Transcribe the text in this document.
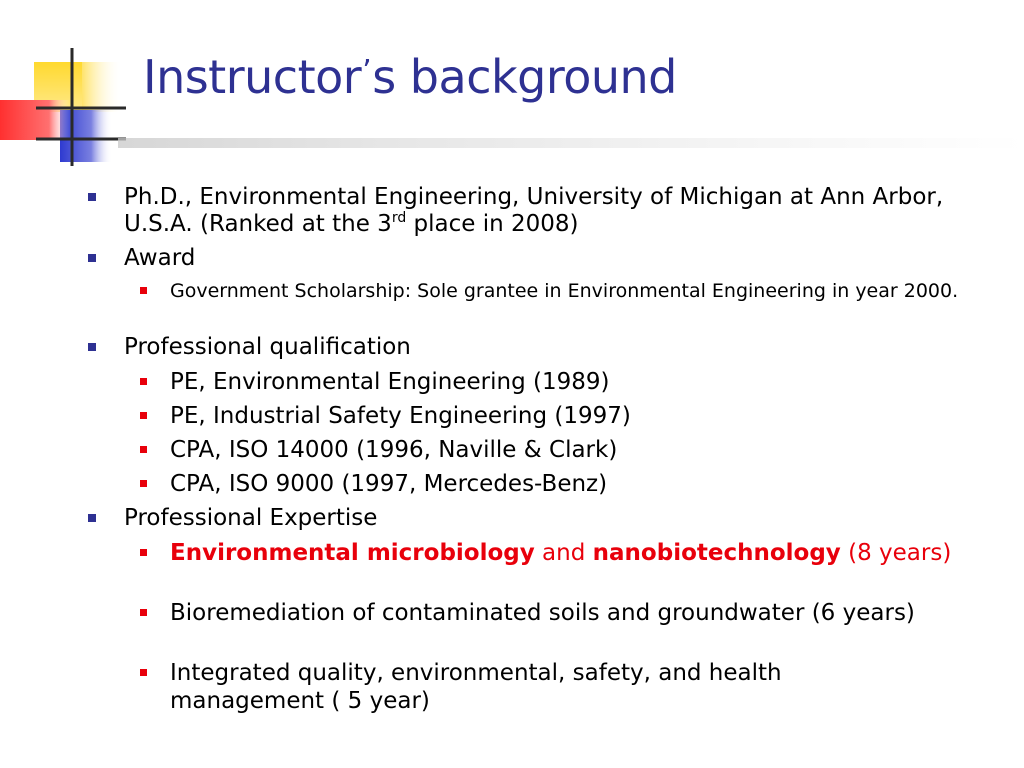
Instructor’s background
Ph.D., Environmental Engineering, University of Michigan at Ann Arbor, U.S.A. (Ranked at the 3rd place in 2008)
Award
Government Scholarship: Sole grantee in Environmental Engineering in year 2000.
Professional qualification
PE, Environmental Engineering (1989)
PE, Industrial Safety Engineering (1997)
CPA, ISO 14000 (1996, Naville & Clark)
CPA, ISO 9000 (1997, Mercedes-Benz)
Professional Expertise
Environmental microbiology and nanobiotechnology (8 years)
Bioremediation of contaminated soils and groundwater (6 years)
Integrated quality, environmental, safety, and health management ( 5 year)
